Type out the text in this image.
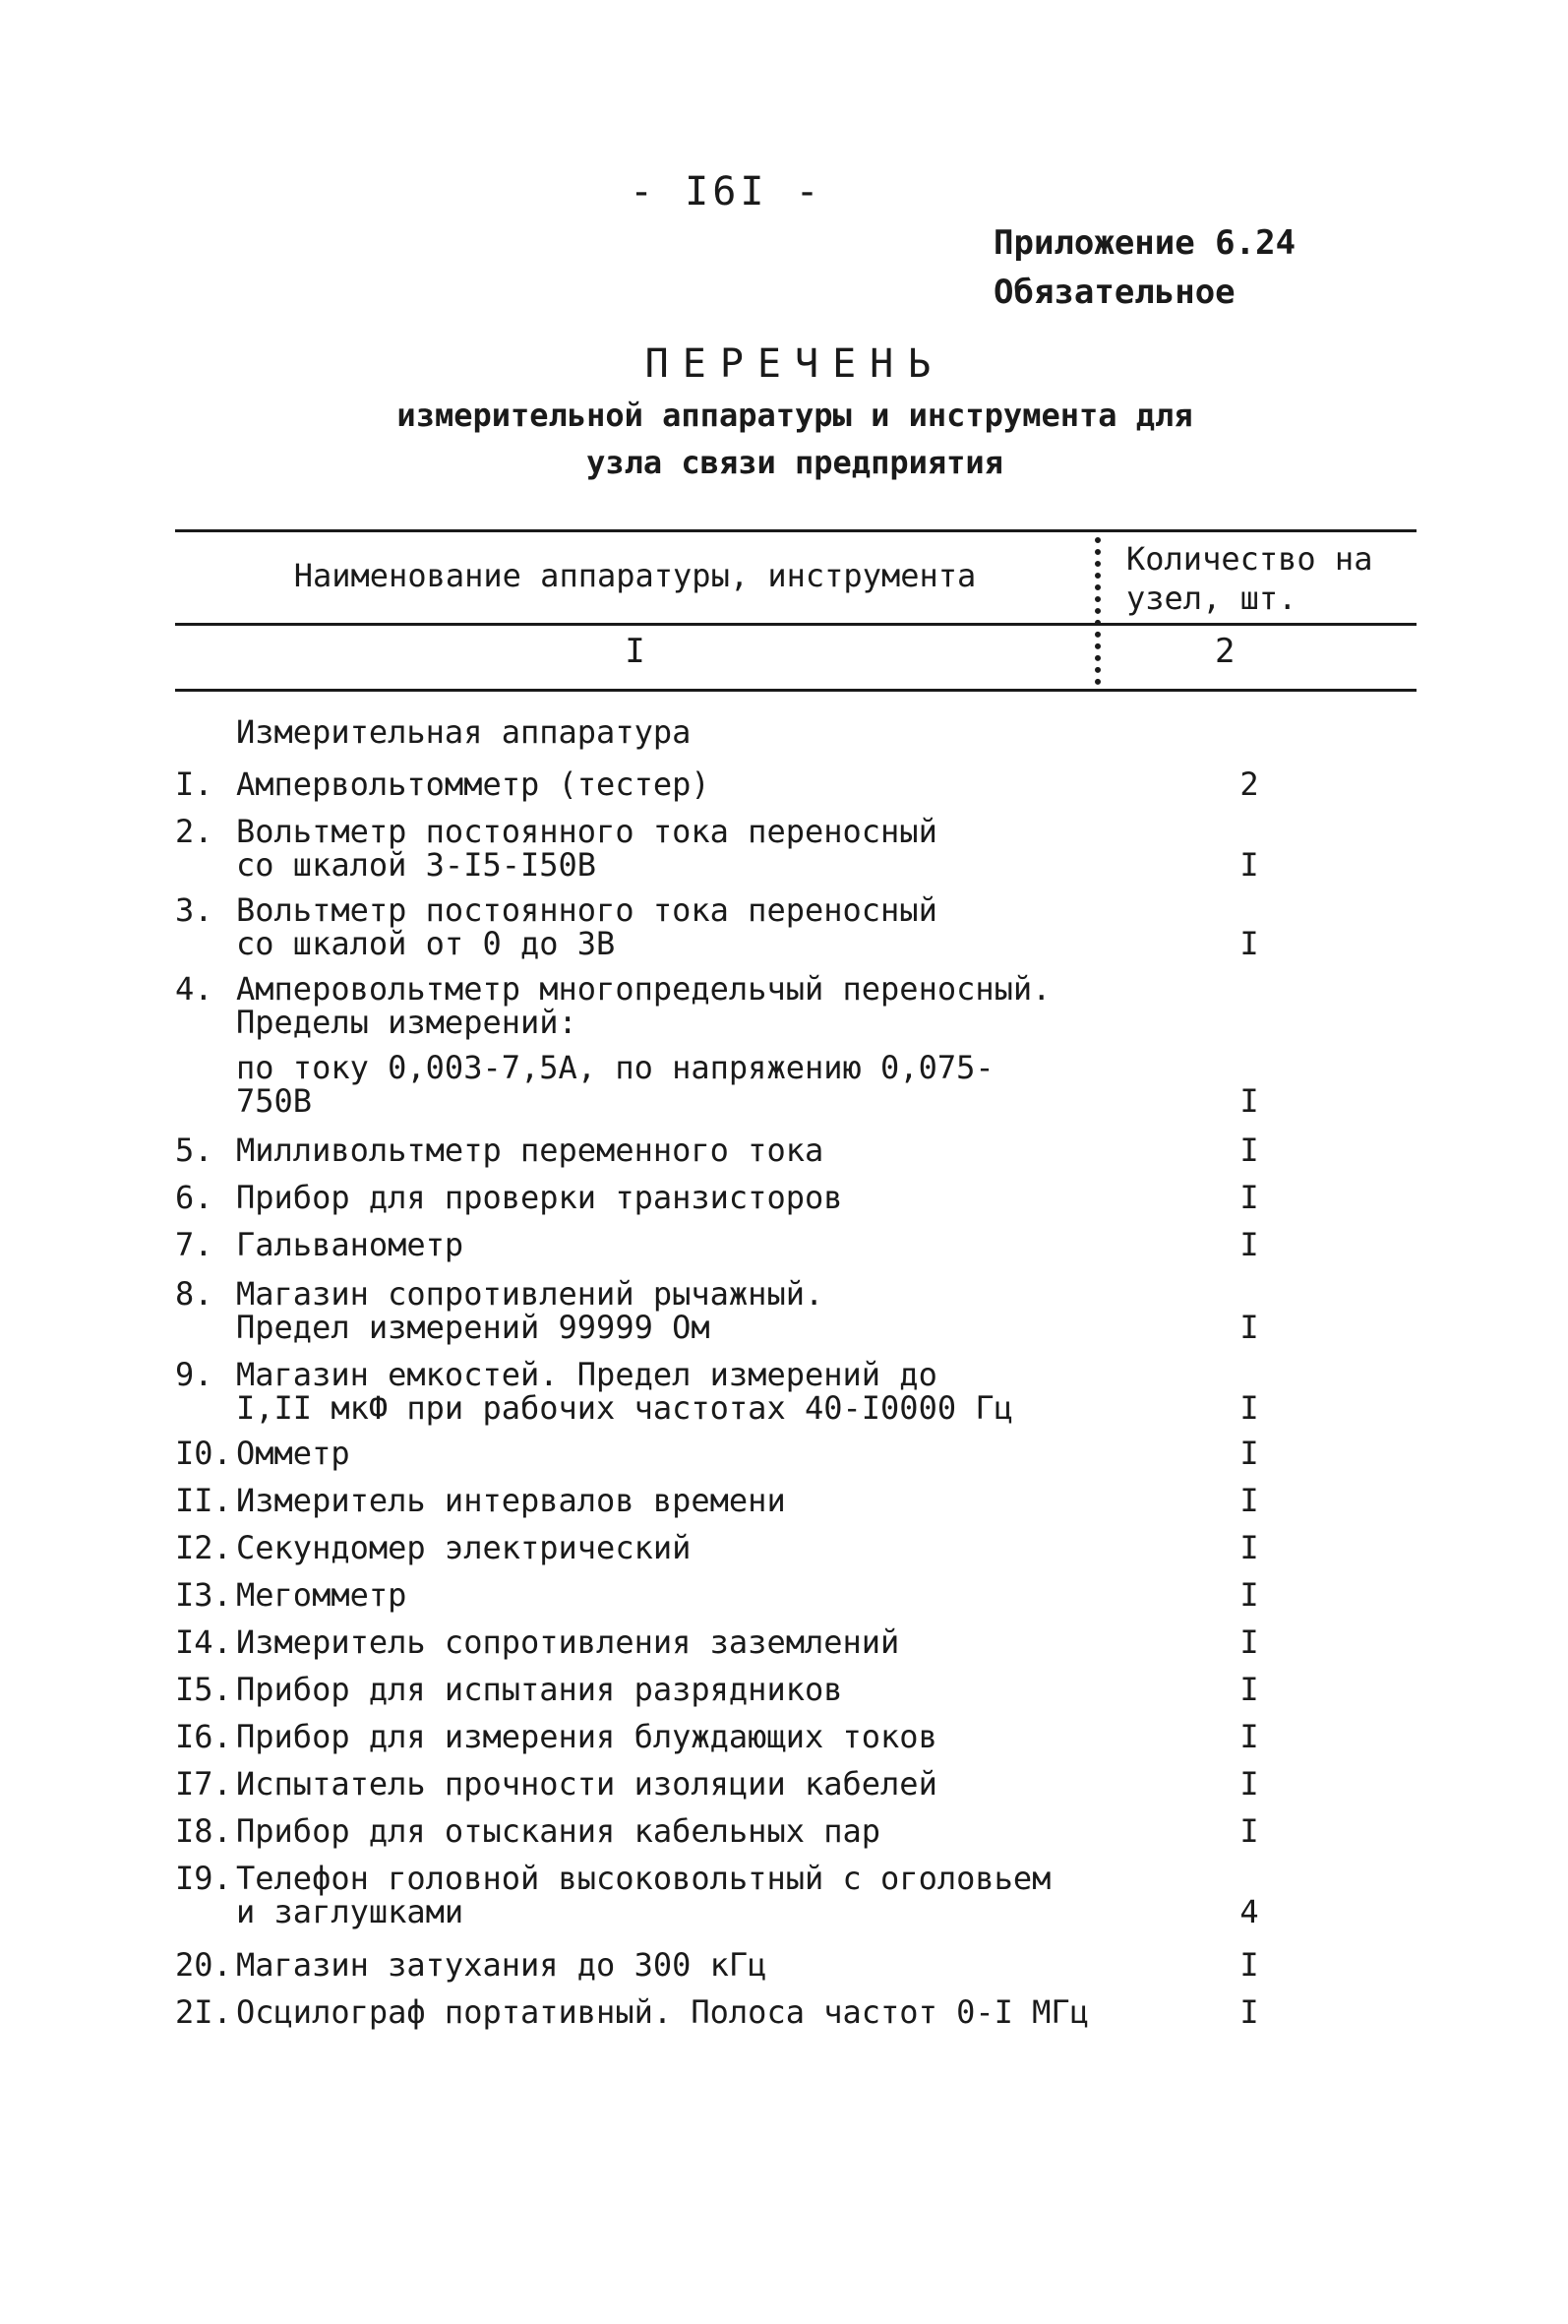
- I6I -
Приложение 6.24
Обязательное
ПЕРЕЧЕНЬ
измерительной аппаратуры и инструмента для
узла связи предприятия
Наименование аппаратуры, инструмента	Количество на
узел, шт.
I	2
Измерительная аппаратура
I. Ампервольтомметр (тестер)	2
2. Вольтметр постоянного тока переносный
со шкалой 3-I5-I50В	I
3. Вольтметр постоянного тока переносный
со шкалой от 0 до 3В	I
4. Амперовольтметр многопредельчый переносный.
Пределы измерений:
по току 0,003-7,5А, по напряжению 0,075-
750В	I
5. Милливольтметр переменного тока	I
6. Прибор для проверки транзисторов	I
7. Гальванометр	I
8. Магазин сопротивлений рычажный.
Предел измерений 99999 Ом	I
9. Магазин емкостей. Предел измерений до
I,II мкФ при рабочих частотах 40-I0000 Гц	I
I0. Омметр	I
II. Измеритель интервалов времени	I
I2. Секундомер электрический	I
I3. Мегомметр	I
I4. Измеритель сопротивления заземлений	I
I5. Прибор для испытания разрядников	I
I6. Прибор для измерения блуждающих токов	I
I7. Испытатель прочности изоляции кабелей	I
I8. Прибор для отыскания кабельных пар	I
I9. Телефон головной высоковольтный с оголовьем
и заглушками	4
20. Магазин затухания до 300 кГц	I
2I. Осцилограф портативный. Полоса частот 0-I МГц	I
